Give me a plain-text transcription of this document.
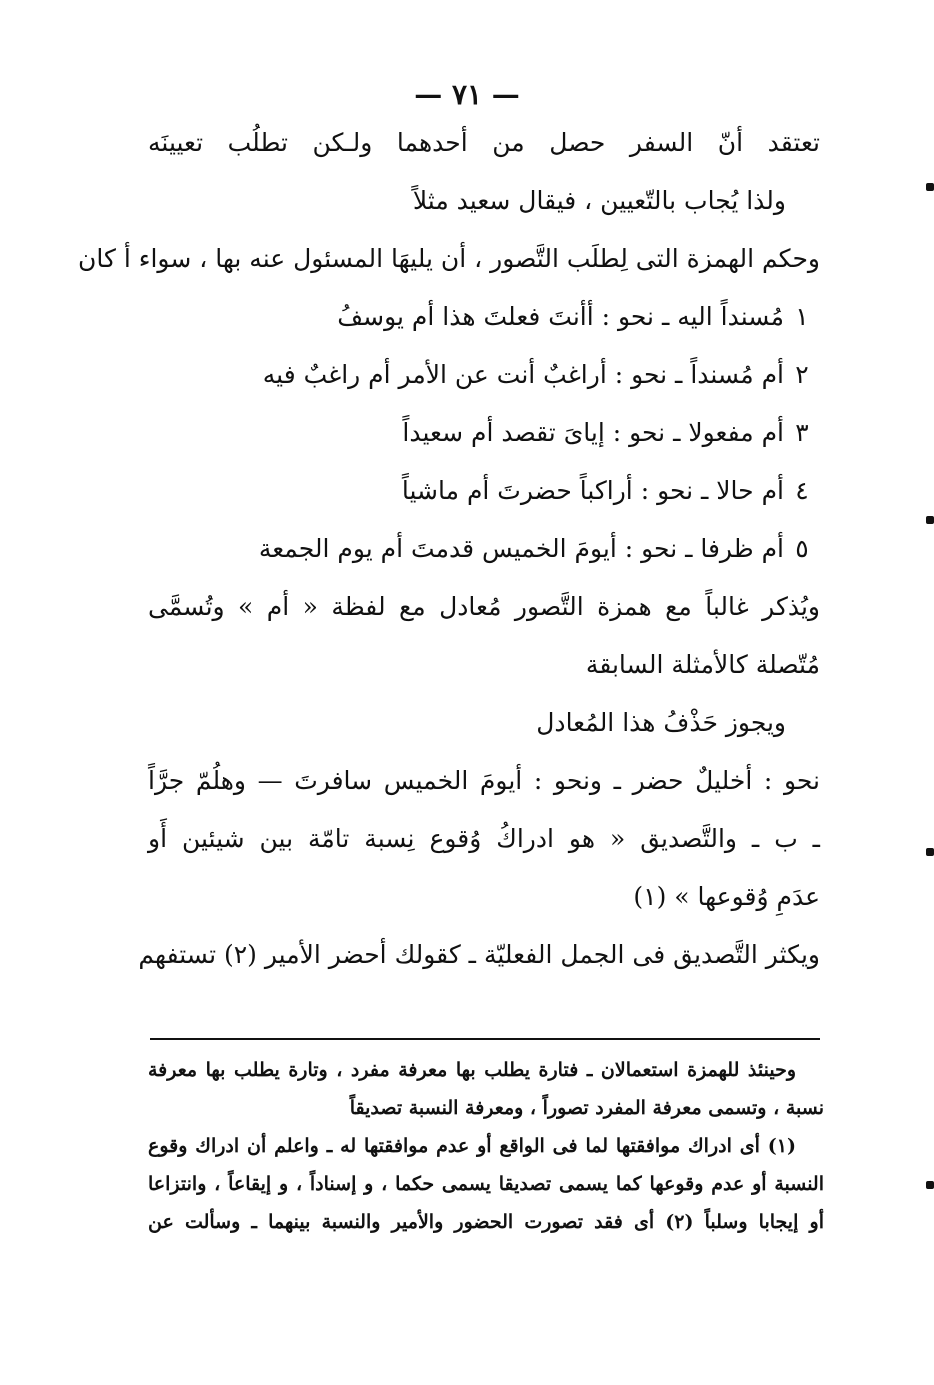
— ٧١ —
تعتقد أنّ السفر حصل من أحدهما ولـكن تطلُب تعيينَه
ولذا يُجاب بالتّعيين ، فيقال سعيد مثلاً
وحكم الهمزة التى لِطلَب التَّصور ، أن يليهَا المسئول عنه بها ، سواء أ كان
١
مُسنداً اليه ـ نحو : أأنتَ فعلتَ هذا أم يوسفُ
٢
أم مُسنداً ـ نحو : أراغبٌ أنت عن الأمر أم راغبٌ فيه
٣
أم مفعولا ـ نحو : إياىَ تقصد أم سعيداً
٤
أم حالا ـ نحو : أراكباً حضرتَ أم ماشياً
٥
أم ظرفا ـ نحو : أيومَ الخميس قدمتَ أم يوم الجمعة
ويُذكر غالباً مع همزة التَّصور مُعادل مع لفظة « أم » وتُسمَّى
مُتّصلة كالأمثلة السابقة
ويجوز حَذْفُ هذا المُعادل
نحو : أخليلٌ حضر ـ ونحو : أيومَ الخميس سافرتَ — وهلُمّ جرَّاً
ـ ب ـ والتَّصديق « هو ادراكُ وُقوع نِسبة تامّة بين شيئين أَو
عدَمِ وُقوعها » (١)
ويكثر التَّصديق فى الجمل الفعليّة ـ كقولك أحضر الأمير (٢) تستفهم
وحينئذ للهمزة استعمالان ـ فتارة يطلب بها معرفة مفرد ، وتارة يطلب بها معرفة
نسبة ، وتسمى معرفة المفرد تصوراً ، ومعرفة النسبة تصديقاً
(١) أى ادراك موافقتها لما فى الواقع أو عدم موافقتها له ـ واعلم أن ادراك وقوع
النسبة أو عدم وقوعها كما يسمى تصديقا يسمى حكما ، و إسناداً ، و إيقاعاً ، وانتزاعا
أو إيجابا وسلباً (٢) أى فقد تصورت الحضور والأمير والنسبة بينهما ـ وسألت عن
